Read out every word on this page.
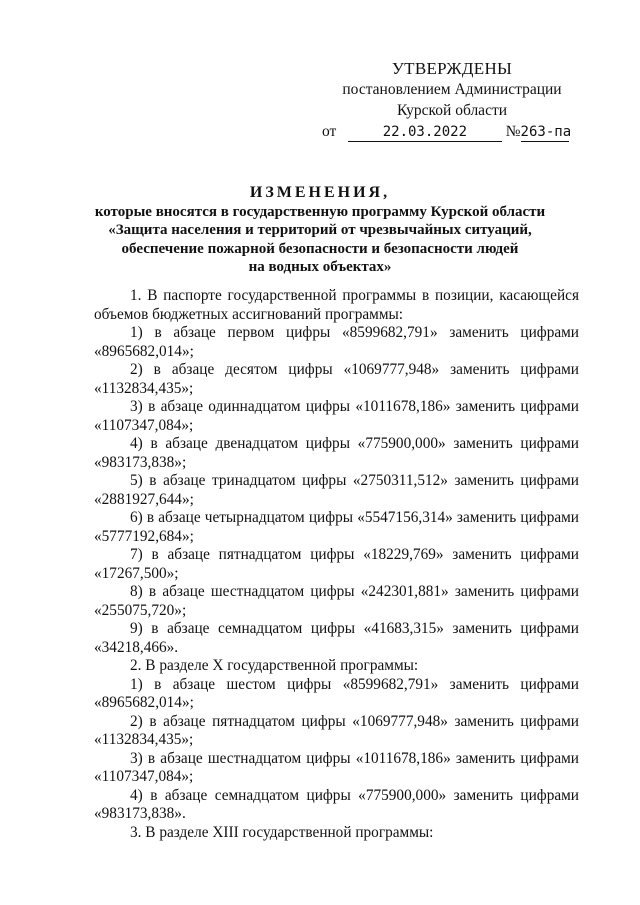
УТВЕРЖДЕНЫ
постановлением Администрации
Курской области
от	22.03.2022 №263-па
ИЗМЕНЕНИЯ,
которые вносятся в государственную программу Курской области
«Защита населения и территорий от чрезвычайных ситуаций,
обеспечение пожарной безопасности и безопасности людей
на водных объектах»

1. В паспорте государственной программы в позиции, касающейся объемов бюджетных ассигнований программы:

1) в абзаце первом цифры «8599682,791» заменить цифрами «8965682,014»;

2) в абзаце десятом цифры «1069777,948» заменить цифрами «1132834,435»;

3) в абзаце одиннадцатом цифры «1011678,186» заменить цифрами «1107347,084»;

4) в абзаце двенадцатом цифры «775900,000» заменить цифрами «983173,838»;

5) в абзаце тринадцатом цифры «2750311,512» заменить цифрами «2881927,644»;

6) в абзаце четырнадцатом цифры «5547156,314» заменить цифрами «5777192,684»;

7) в абзаце пятнадцатом цифры «18229,769» заменить цифрами «17267,500»;

8) в абзаце шестнадцатом цифры «242301,881» заменить цифрами «255075,720»;

9) в абзаце семнадцатом цифры «41683,315» заменить цифрами «34218,466».

2. В разделе X государственной программы:

1) в абзаце шестом цифры «8599682,791» заменить цифрами «8965682,014»;

2) в абзаце пятнадцатом цифры «1069777,948» заменить цифрами «1132834,435»;

3) в абзаце шестнадцатом цифры «1011678,186» заменить цифрами «1107347,084»;

4) в абзаце семнадцатом цифры «775900,000» заменить цифрами «983173,838».

3. В разделе XIII государственной программы:
